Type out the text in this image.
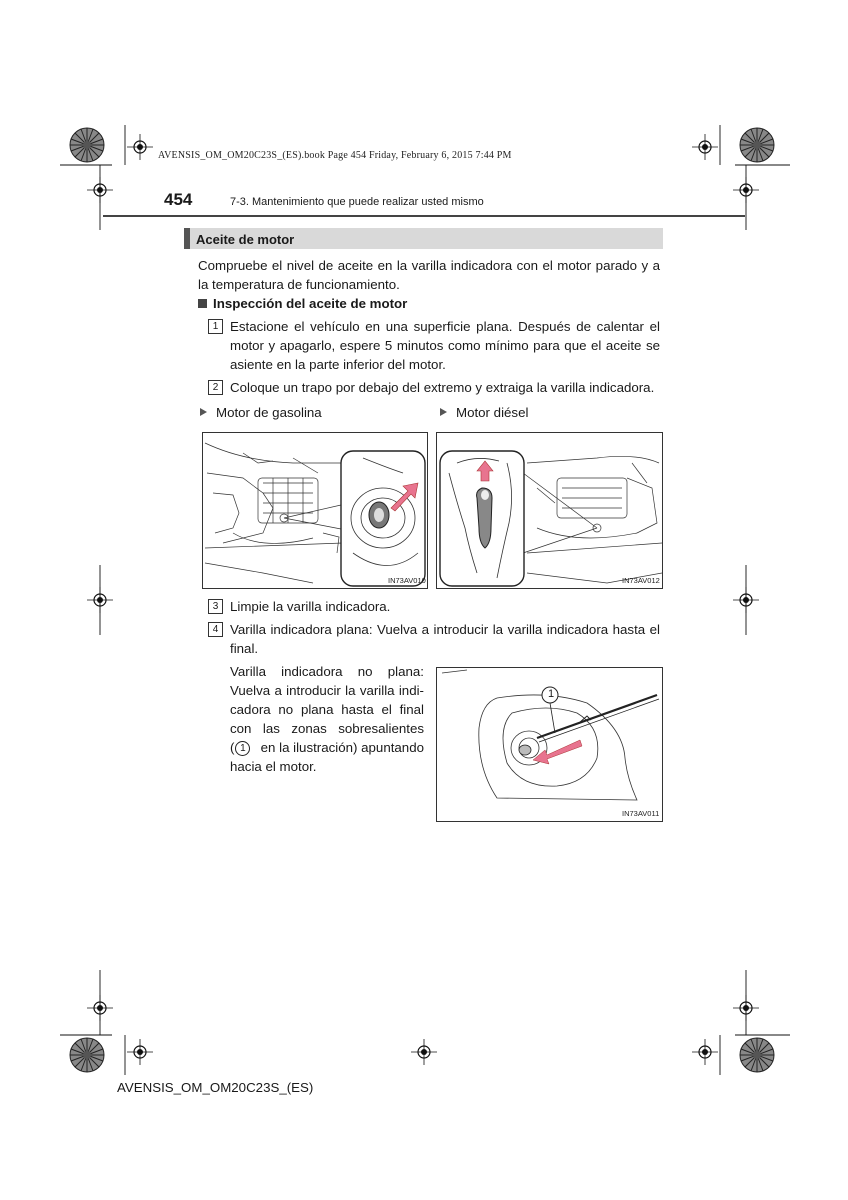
AVENSIS_OM_OM20C23S_(ES).book Page 454 Friday, February 6, 2015 7:44 PM
454	7-3. Mantenimiento que puede realizar usted mismo
Aceite de motor
Compruebe el nivel de aceite en la varilla indicadora con el motor parado y a la temperatura de funcionamiento.
Inspección del aceite de motor
1 Estacione el vehículo en una superficie plana. Después de calentar el motor y apagarlo, espere 5 minutos como mínimo para que el aceite se asiente en la parte inferior del motor.
2 Coloque un trapo por debajo del extremo y extraiga la varilla indicadora.
Motor de gasolina	Motor diésel
IN73AV010	IN73AV012
3 Limpie la varilla indicadora.
4 Varilla indicadora plana: Vuelva a introducir la varilla indicadora hasta el final.
Varilla indicadora no plana:
Vuelva a introducir la varilla indi-
cadora no plana hasta el final
con las zonas sobresalientes
( 1	en la ilustración) apuntando
hacia el motor.
1
IN73AV011
AVENSIS_OM_OM20C23S_(ES)
